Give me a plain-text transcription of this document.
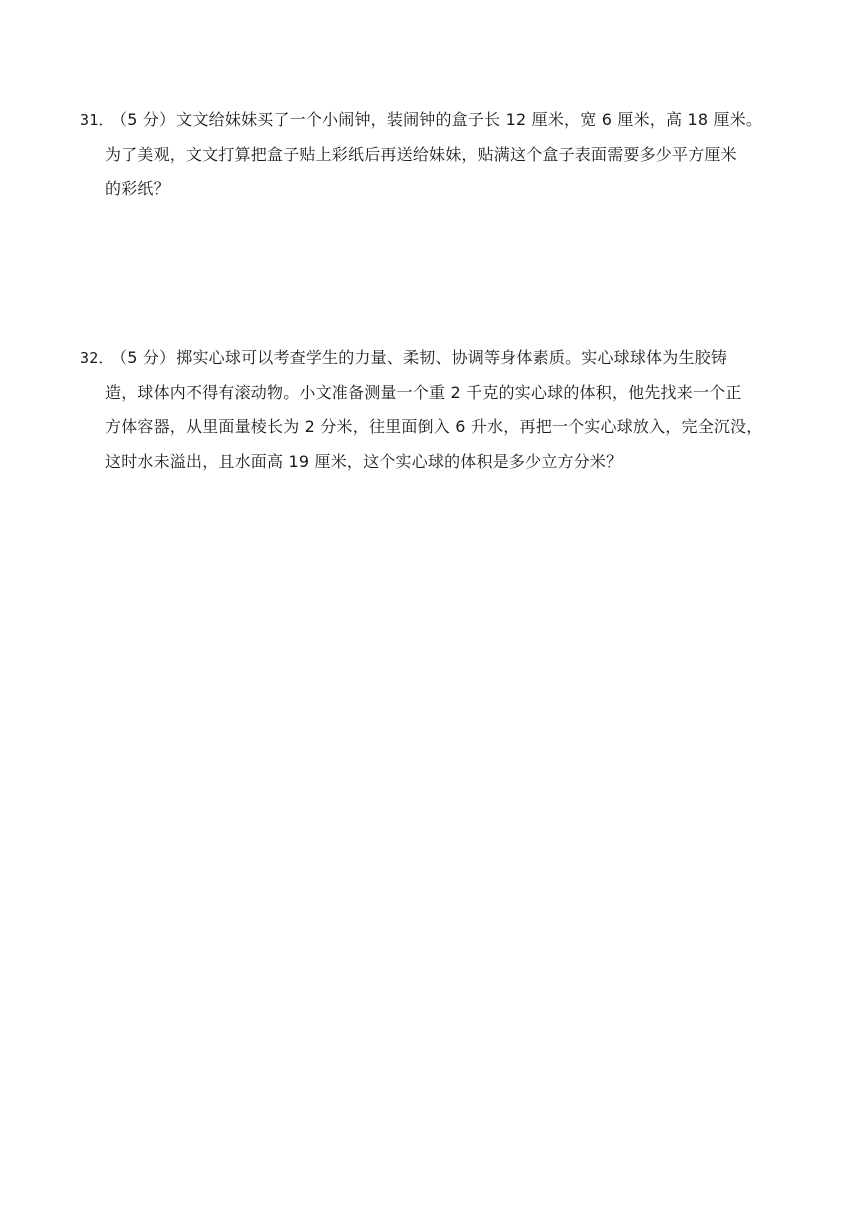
31．（5 分）文文给妹妹买了一个小闹钟，装闹钟的盒子长 12 厘米，宽 6 厘米，高 18 厘米。
为了美观，文文打算把盒子贴上彩纸后再送给妹妹，贴满这个盒子表面需要多少平方厘米
的彩纸？
32．（5 分）掷实心球可以考查学生的力量、柔韧、协调等身体素质。实心球球体为生胶铸
造，球体内不得有滚动物。小文准备测量一个重 2 千克的实心球的体积，他先找来一个正
方体容器，从里面量棱长为 2 分米，往里面倒入 6 升水，再把一个实心球放入，完全沉没，
这时水未溢出，且水面高 19 厘米，这个实心球的体积是多少立方分米？
